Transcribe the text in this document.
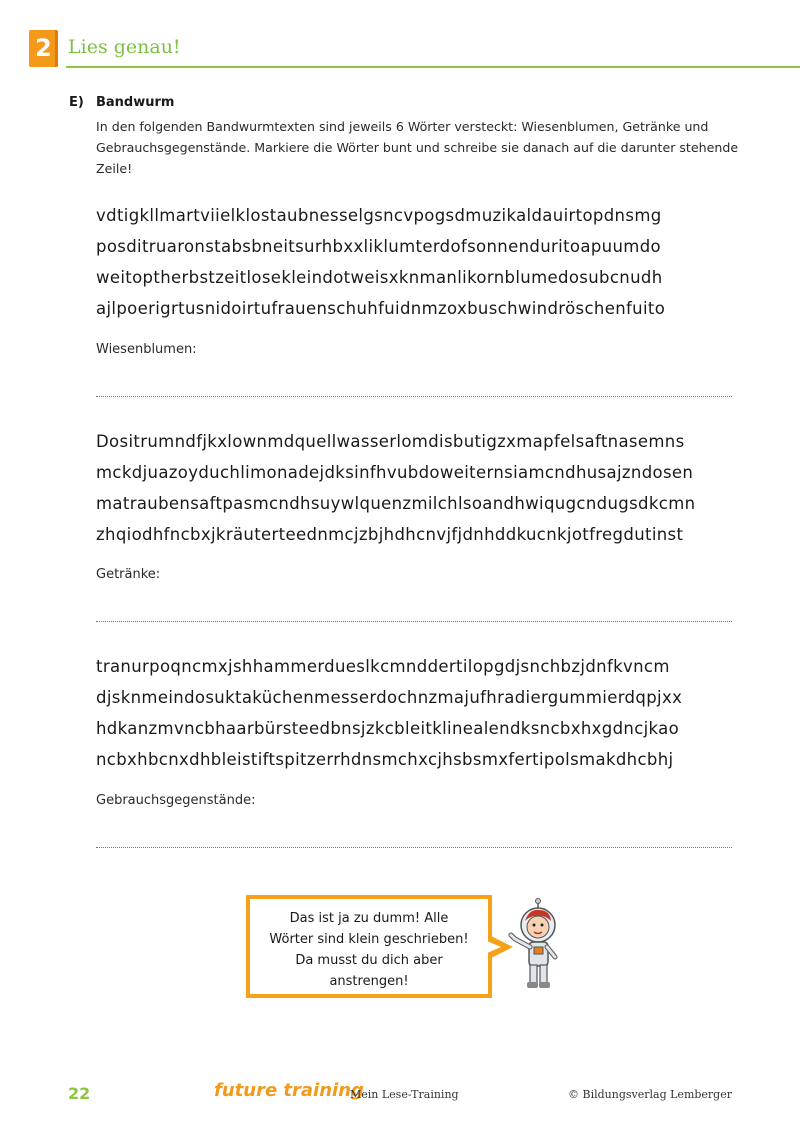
2 Lies genau!
E) Bandwurm
In den folgenden Bandwurmtexten sind jeweils 6 Wörter versteckt: Wiesenblumen, Getränke und Gebrauchsgegenstände. Markiere die Wörter bunt und schreibe sie danach auf die darunter stehende Zeile!
vdtigkllmartviielklostaubnesselgsncvpogsdmuzikaldauirtopdnsmg
posditruaronstabsbneitsurhbxxliklumterdofsonnenduritoapuumdo
weitoptherbstzeitlosekleindotweisxknmanlikornblumedosubcnudh
ajlpoerigrtusnidoirtufrauenschuhfuidnmzoxbuschwindröschenfuito
Wiesenblumen:
Dositrumndfjkxlownmdquellwasserlomdisbutigzxmapfelsaftnasemns
mckdjuazoyduchlimonadejdksinfhvubdoweiternsiamcndhusajzndosen
matraubensaftpasmcndhsuywlquenzmilchlsoandhwiqugcndugsdkcmn
zhqiodhfncbxjkräuterteednmcjzbjhdhcnvjfjdnhddkucnkjotfregdutinst
Getränke:
tranurpoqncmxjshhammerdueslkcmnddertilopgdjsnchbzjdnfkvncm
djsknmeindosuktaküchenmesserdochnzmajufhradiergummierdqpjxx
hdkanzmvncbhaarbürsteedbnsjzkcbleitklinealendksncbxhxgdncjkao
ncbxhbcnxdhbleistiftspitzerrhdnsmchxcjhsbsmxfertipolsmakdhcbhj
Gebrauchsgegenstände:
Das ist ja zu dumm! Alle
Wörter sind klein geschrieben!
Da musst du dich aber
anstrengen!
22	future training
Mein Lese-Training	© Bildungsverlag Lemberger
